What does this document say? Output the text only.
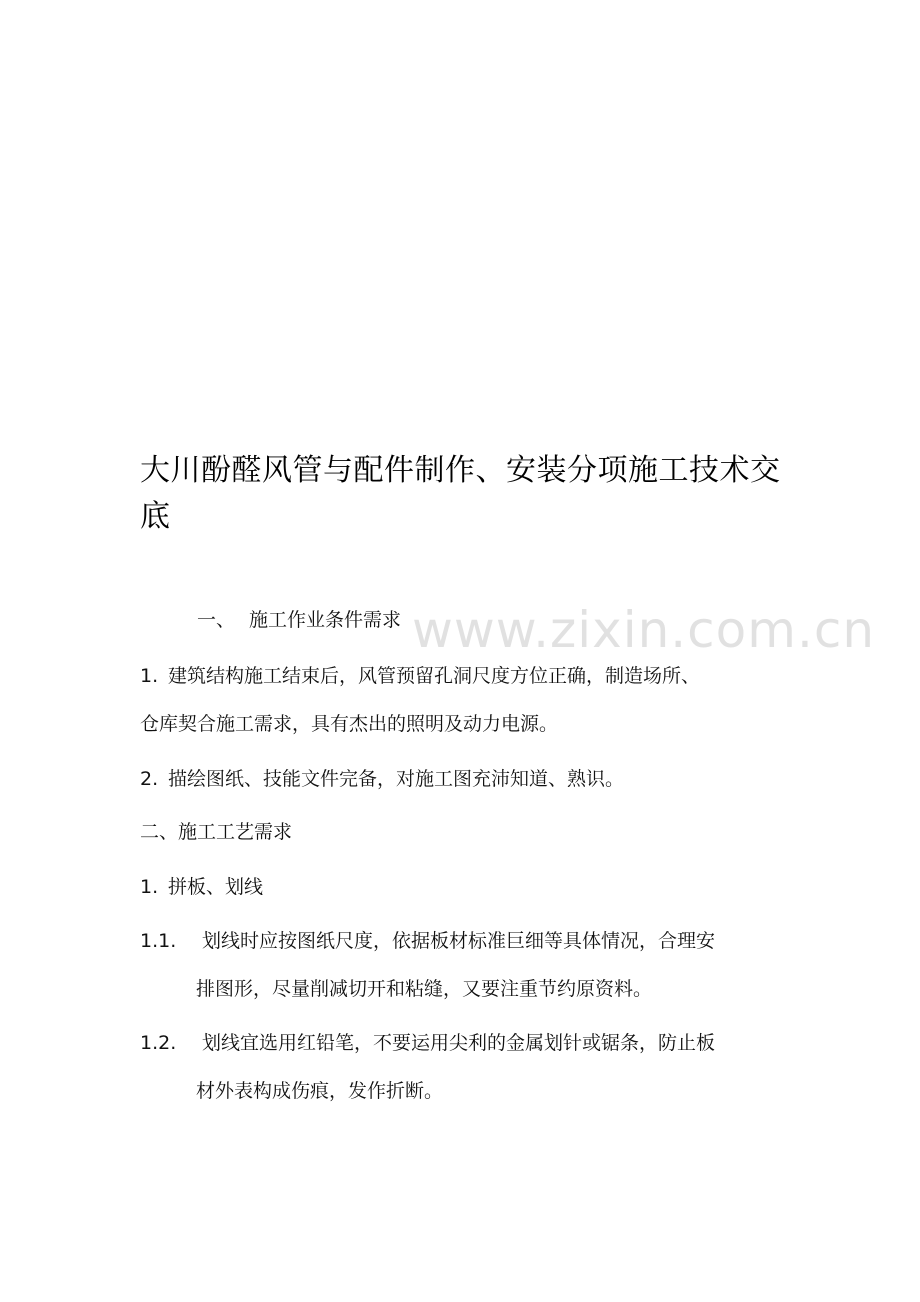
大川酚醛风管与配件制作、安装分项施工技术交
底
www.zixin.com.cn
一、 施工作业条件需求
1. 建筑结构施工结束后，风管预留孔洞尺度方位正确，制造场所、
仓库契合施工需求，具有杰出的照明及动力电源。
2. 描绘图纸、技能文件完备，对施工图充沛知道、熟识。
二、施工工艺需求
1. 拼板、划线
1.1. 划线时应按图纸尺度，依据板材标准巨细等具体情况，合理安
排图形，尽量削减切开和粘缝，又要注重节约原资料。
1.2. 划线宜选用红铅笔，不要运用尖利的金属划针或锯条，防止板
材外表构成伤痕，发作折断。
